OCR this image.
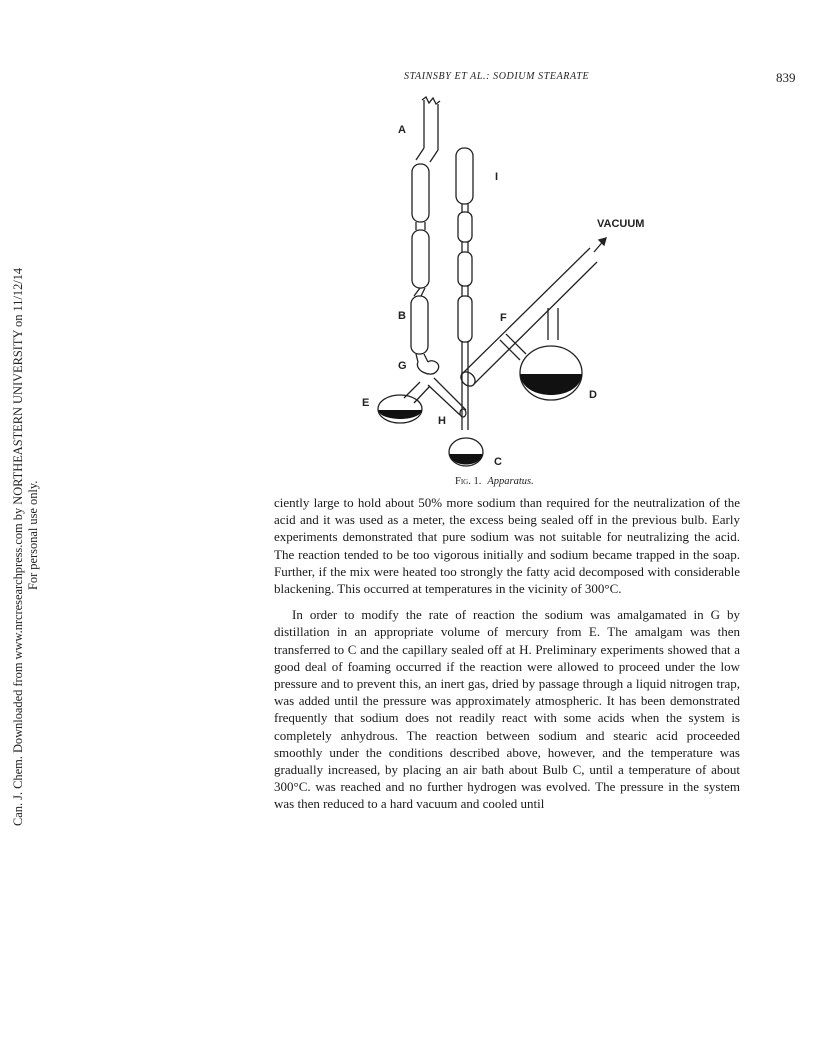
Can. J. Chem. Downloaded from www.nrcresearchpress.com by NORTHEASTERN UNIVERSITY on 11/12/14 For personal use only.
STAINSBY ET AL.: SODIUM STEARATE	839
A
I
VACUUM
B	F
G
E
D
H
C
Fig. 1. Apparatus.

ciently large to hold about 50% more sodium than required for the neutralization of the acid and it was used as a meter, the excess being sealed off in the previous bulb. Early experiments demonstrated that pure sodium was not suitable for neutralizing the acid. The reaction tended to be too vigorous initially and sodium became trapped in the soap. Further, if the mix were heated too strongly the fatty acid decomposed with considerable blackening. This occurred at temperatures in the vicinity of 300°C.

In order to modify the rate of reaction the sodium was amalgamated in G by distillation in an appropriate volume of mercury from E. The amalgam was then transferred to C and the capillary sealed off at H. Preliminary experiments showed that a good deal of foaming occurred if the reaction were allowed to proceed under the low pressure and to prevent this, an inert gas, dried by passage through a liquid nitrogen trap, was added until the pressure was approximately atmospheric. It has been demonstrated frequently that sodium does not readily react with some acids when the system is completely anhydrous. The reaction between sodium and stearic acid proceeded smoothly under the conditions described above, however, and the temperature was gradually increased, by placing an air bath about Bulb C, until a temperature of about 300°C. was reached and no further hydrogen was evolved. The pressure in the system was then reduced to a hard vacuum and cooled until
